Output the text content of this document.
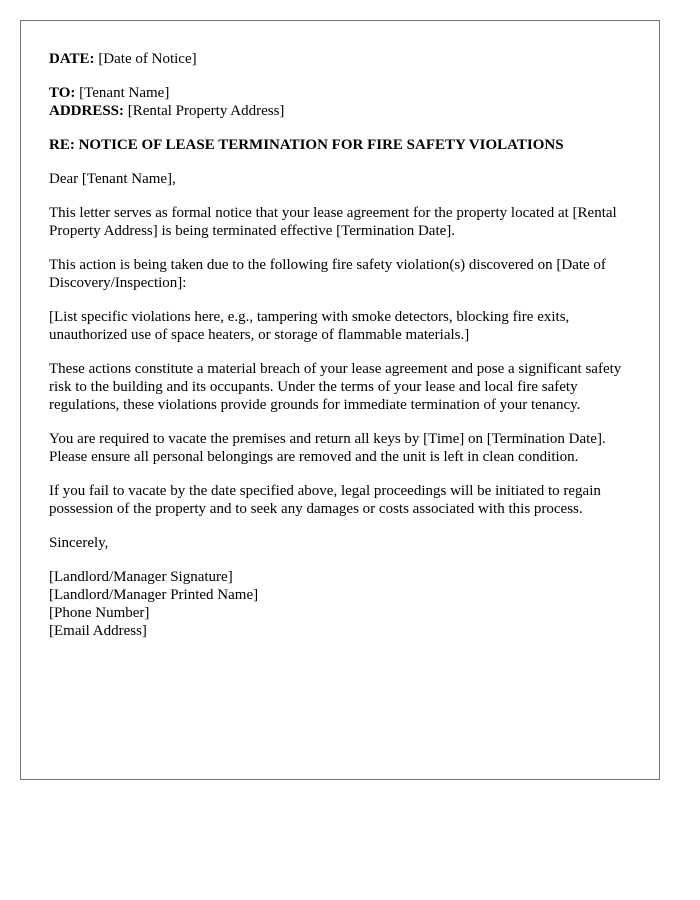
DATE: [Date of Notice]
TO: [Tenant Name]
ADDRESS: [Rental Property Address]
RE: NOTICE OF LEASE TERMINATION FOR FIRE SAFETY VIOLATIONS
Dear [Tenant Name],
This letter serves as formal notice that your lease agreement for the property located at [Rental Property Address] is being terminated effective [Termination Date].
This action is being taken due to the following fire safety violation(s) discovered on [Date of Discovery/Inspection]:
[List specific violations here, e.g., tampering with smoke detectors, blocking fire exits, unauthorized use of space heaters, or storage of flammable materials.]
These actions constitute a material breach of your lease agreement and pose a significant safety risk to the building and its occupants. Under the terms of your lease and local fire safety regulations, these violations provide grounds for immediate termination of your tenancy.
You are required to vacate the premises and return all keys by [Time] on [Termination Date]. Please ensure all personal belongings are removed and the unit is left in clean condition.
If you fail to vacate by the date specified above, legal proceedings will be initiated to regain possession of the property and to seek any damages or costs associated with this process.
Sincerely,
[Landlord/Manager Signature]
[Landlord/Manager Printed Name]
[Phone Number]
[Email Address]
